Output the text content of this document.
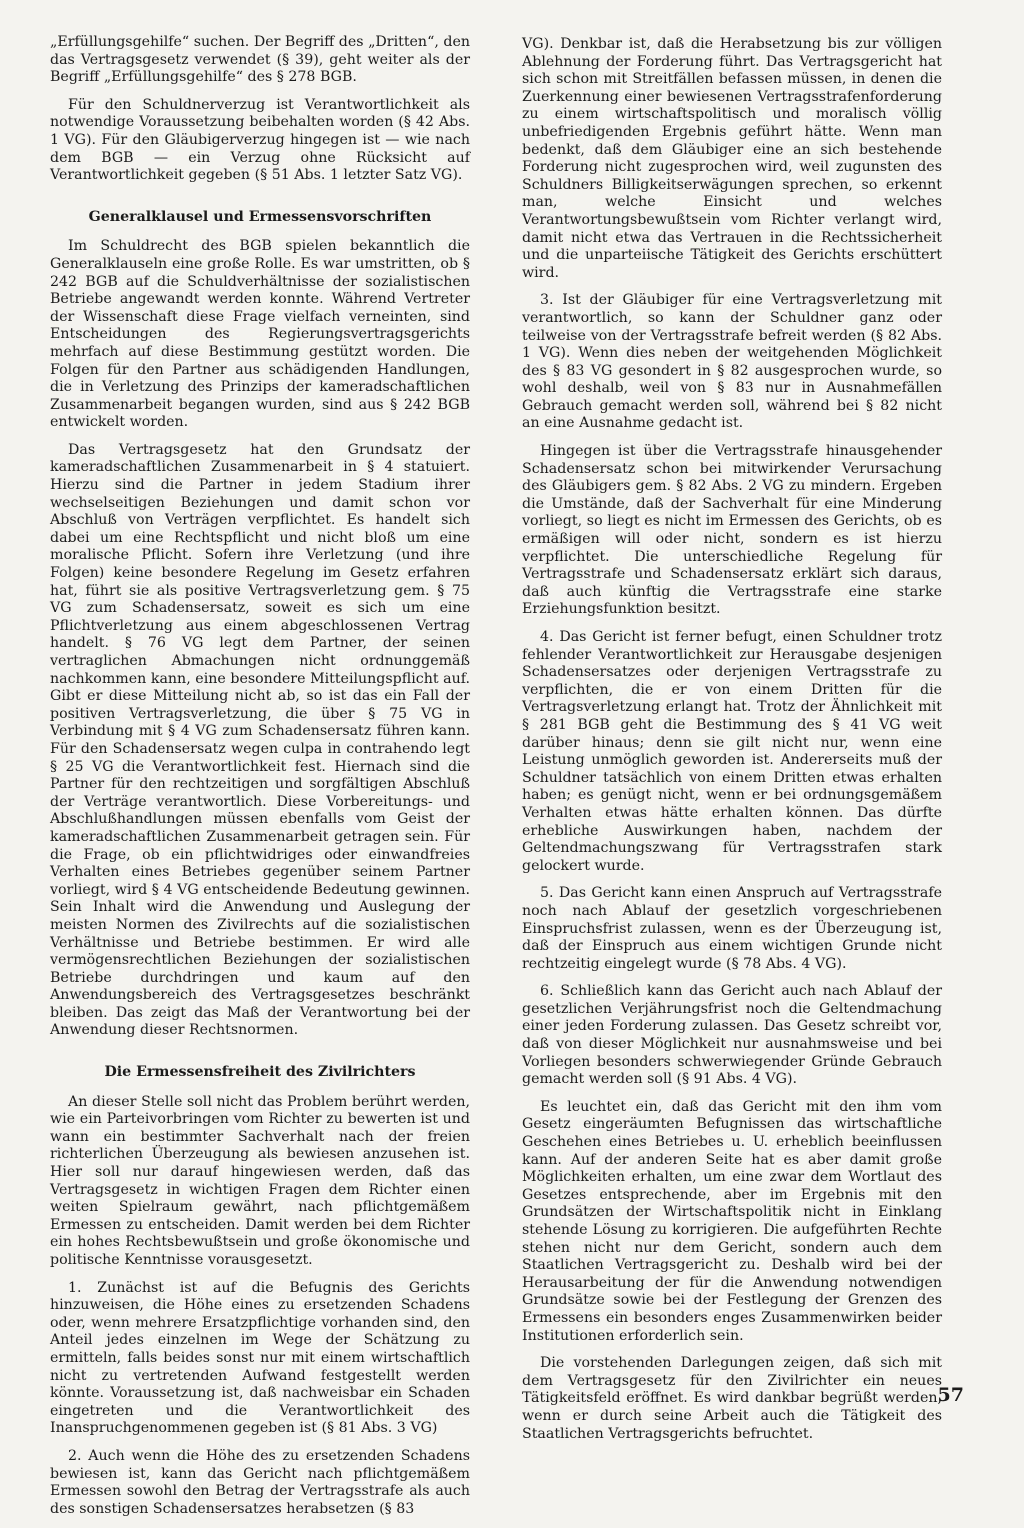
„Erfüllungsgehilfe“ suchen. Der Begriff des „Dritten“, den das Vertragsgesetz verwendet (§ 39), geht weiter als der Begriff „Erfüllungsgehilfe“ des § 278 BGB.

Für den Schuldnerverzug ist Verantwortlichkeit als notwendige Voraussetzung beibehalten worden (§ 42 Abs. 1 VG). Für den Gläubigerverzug hingegen ist — wie nach dem BGB — ein Verzug ohne Rücksicht auf Verantwortlichkeit gegeben (§ 51 Abs. 1 letzter Satz VG).

Generalklausel und Ermessensvorschriften

Im Schuldrecht des BGB spielen bekanntlich die Generalklauseln eine große Rolle. Es war umstritten, ob § 242 BGB auf die Schuldverhältnisse der sozialistischen Betriebe angewandt werden konnte. Während Vertreter der Wissenschaft diese Frage vielfach verneinten, sind Entscheidungen des Regierungsvertragsgerichts mehrfach auf diese Bestimmung gestützt worden. Die Folgen für den Partner aus schädigenden Handlungen, die in Verletzung des Prinzips der kameradschaftlichen Zusammenarbeit begangen wurden, sind aus § 242 BGB entwickelt worden.

Das Vertragsgesetz hat den Grundsatz der kameradschaftlichen Zusammenarbeit in § 4 statuiert. Hierzu sind die Partner in jedem Stadium ihrer wechselseitigen Beziehungen und damit schon vor Abschluß von Verträgen verpflichtet. Es handelt sich dabei um eine Rechtspflicht und nicht bloß um eine moralische Pflicht. Sofern ihre Verletzung (und ihre Folgen) keine besondere Regelung im Gesetz erfahren hat, führt sie als positive Vertragsverletzung gem. § 75 VG zum Schadensersatz, soweit es sich um eine Pflichtverletzung aus einem abgeschlossenen Vertrag handelt. § 76 VG legt dem Partner, der seinen vertraglichen Abmachungen nicht ordnunggemäß nachkommen kann, eine besondere Mitteilungspflicht auf. Gibt er diese Mitteilung nicht ab, so ist das ein Fall der positiven Vertragsverletzung, die über § 75 VG in Verbindung mit § 4 VG zum Schadensersatz führen kann. Für den Schadensersatz wegen culpa in contrahendo legt § 25 VG die Verantwortlichkeit fest. Hiernach sind die Partner für den rechtzeitigen und sorgfältigen Abschluß der Verträge verantwortlich. Diese Vorbereitungs- und Abschlußhandlungen müssen ebenfalls vom Geist der kameradschaftlichen Zusammenarbeit getragen sein. Für die Frage, ob ein pflichtwidriges oder einwandfreies Verhalten eines Betriebes gegenüber seinem Partner vorliegt, wird § 4 VG entscheidende Bedeutung gewinnen. Sein Inhalt wird die Anwendung und Auslegung der meisten Normen des Zivilrechts auf die sozialistischen Verhältnisse und Betriebe bestimmen. Er wird alle vermögensrechtlichen Beziehungen der sozialistischen Betriebe durchdringen und kaum auf den Anwendungsbereich des Vertragsgesetzes beschränkt bleiben. Das zeigt das Maß der Verantwortung bei der Anwendung dieser Rechtsnormen.

Die Ermessensfreiheit des Zivilrichters

An dieser Stelle soll nicht das Problem berührt werden, wie ein Parteivorbringen vom Richter zu bewerten ist und wann ein bestimmter Sachverhalt nach der freien richterlichen Überzeugung als bewiesen anzusehen ist. Hier soll nur darauf hingewiesen werden, daß das Vertragsgesetz in wichtigen Fragen dem Richter einen weiten Spielraum gewährt, nach pflichtgemäßem Ermessen zu entscheiden. Damit werden bei dem Richter ein hohes Rechtsbewußtsein und große ökonomische und politische Kenntnisse vorausgesetzt.

1. Zunächst ist auf die Befugnis des Gerichts hinzuweisen, die Höhe eines zu ersetzenden Schadens oder, wenn mehrere Ersatzpflichtige vorhanden sind, den Anteil jedes einzelnen im Wege der Schätzung zu ermitteln, falls beides sonst nur mit einem wirtschaftlich nicht zu vertretenden Aufwand festgestellt werden könnte. Voraussetzung ist, daß nachweisbar ein Schaden eingetreten und die Verantwortlichkeit des Inanspruchgenommenen gegeben ist (§ 81 Abs. 3 VG)

2. Auch wenn die Höhe des zu ersetzenden Schadens bewiesen ist, kann das Gericht nach pflichtgemäßem Ermessen sowohl den Betrag der Vertragsstrafe als auch des sonstigen Schadensersatzes herabsetzen (§ 83

VG). Denkbar ist, daß die Herabsetzung bis zur völligen Ablehnung der Forderung führt. Das Vertragsgericht hat sich schon mit Streitfällen befassen müssen, in denen die Zuerkennung einer bewiesenen Vertragsstrafenforderung zu einem wirtschaftspolitisch und moralisch völlig unbefriedigenden Ergebnis geführt hätte. Wenn man bedenkt, daß dem Gläubiger eine an sich bestehende Forderung nicht zugesprochen wird, weil zugunsten des Schuldners Billigkeitserwägungen sprechen, so erkennt man, welche Einsicht und welches Verantwortungsbewußtsein vom Richter verlangt wird, damit nicht etwa das Vertrauen in die Rechtssicherheit und die unparteiische Tätigkeit des Gerichts erschüttert wird.

3. Ist der Gläubiger für eine Vertragsverletzung mit verantwortlich, so kann der Schuldner ganz oder teilweise von der Vertragsstrafe befreit werden (§ 82 Abs. 1 VG). Wenn dies neben der weitgehenden Möglichkeit des § 83 VG gesondert in § 82 ausgesprochen wurde, so wohl deshalb, weil von § 83 nur in Ausnahmefällen Gebrauch gemacht werden soll, während bei § 82 nicht an eine Ausnahme gedacht ist.

Hingegen ist über die Vertragsstrafe hinausgehender Schadensersatz schon bei mitwirkender Verursachung des Gläubigers gem. § 82 Abs. 2 VG zu mindern. Ergeben die Umstände, daß der Sachverhalt für eine Minderung vorliegt, so liegt es nicht im Ermessen des Gerichts, ob es ermäßigen will oder nicht, sondern es ist hierzu verpflichtet. Die unterschiedliche Regelung für Vertragsstrafe und Schadensersatz erklärt sich daraus, daß auch künftig die Vertragsstrafe eine starke Erziehungsfunktion besitzt.

4. Das Gericht ist ferner befugt, einen Schuldner trotz fehlender Verantwortlichkeit zur Herausgabe desjenigen Schadensersatzes oder derjenigen Vertragsstrafe zu verpflichten, die er von einem Dritten für die Vertragsverletzung erlangt hat. Trotz der Ähnlichkeit mit § 281 BGB geht die Bestimmung des § 41 VG weit darüber hinaus; denn sie gilt nicht nur, wenn eine Leistung unmöglich geworden ist. Andererseits muß der Schuldner tatsächlich von einem Dritten etwas erhalten haben; es genügt nicht, wenn er bei ordnungsgemäßem Verhalten etwas hätte erhalten können. Das dürfte erhebliche Auswirkungen haben, nachdem der Geltendmachungszwang für Vertragsstrafen stark gelockert wurde.

5. Das Gericht kann einen Anspruch auf Vertragsstrafe noch nach Ablauf der gesetzlich vorgeschriebenen Einspruchsfrist zulassen, wenn es der Überzeugung ist, daß der Einspruch aus einem wichtigen Grunde nicht rechtzeitig eingelegt wurde (§ 78 Abs. 4 VG).

6. Schließlich kann das Gericht auch nach Ablauf der gesetzlichen Verjährungsfrist noch die Geltendmachung einer jeden Forderung zulassen. Das Gesetz schreibt vor, daß von dieser Möglichkeit nur ausnahmsweise und bei Vorliegen besonders schwerwiegender Gründe Gebrauch gemacht werden soll (§ 91 Abs. 4 VG).

Es leuchtet ein, daß das Gericht mit den ihm vom Gesetz eingeräumten Befugnissen das wirtschaftliche Geschehen eines Betriebes u. U. erheblich beeinflussen kann. Auf der anderen Seite hat es aber damit große Möglichkeiten erhalten, um eine zwar dem Wortlaut des Gesetzes entsprechende, aber im Ergebnis mit den Grundsätzen der Wirtschaftspolitik nicht in Einklang stehende Lösung zu korrigieren. Die aufgeführten Rechte stehen nicht nur dem Gericht, sondern auch dem Staatlichen Vertragsgericht zu. Deshalb wird bei der Herausarbeitung der für die Anwendung notwendigen Grundsätze sowie bei der Festlegung der Grenzen des Ermessens ein besonders enges Zusammenwirken beider Institutionen erforderlich sein.

Die vorstehenden Darlegungen zeigen, daß sich mit dem Vertragsgesetz für den Zivilrichter ein neues Tätigkeitsfeld eröffnet. Es wird dankbar begrüßt werden, wenn er durch seine Arbeit auch die Tätigkeit des Staatlichen Vertragsgerichts befruchtet.

57
